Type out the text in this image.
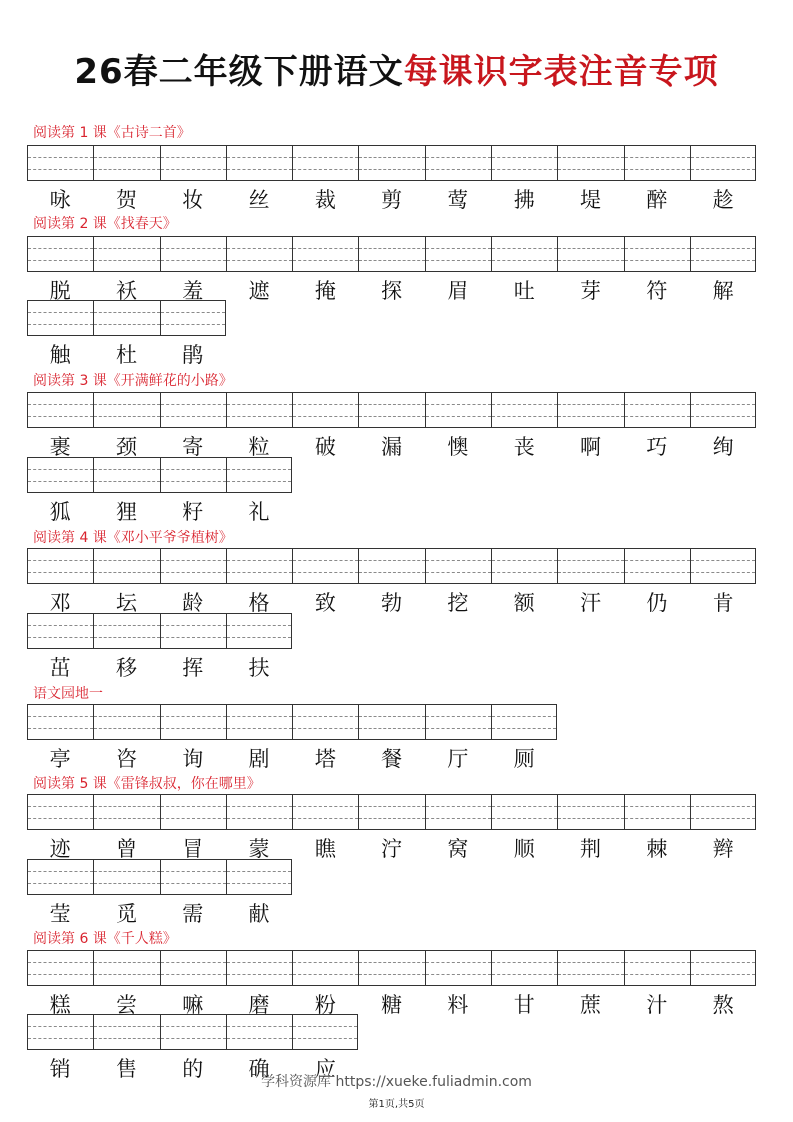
26春二年级下册语文每课识字表注音专项
阅读第 1 课《古诗二首》
咏	贺	妆	丝	裁	剪	莺	拂	堤	醉	趁
阅读第 2 课《找春天》
脱	袄	羞	遮	掩	探	眉	吐	芽	符	解
触	杜	鹃
阅读第 3 课《开满鲜花的小路》
裹	颈	寄	粒	破	漏	懊	丧	啊	巧	绚
狐	狸	籽	礼
阅读第 4 课《邓小平爷爷植树》
邓	坛	龄	格	致	勃	挖	额	汗	仍	肯
茁	移	挥	扶
语文园地一
亭	咨	询	剧	塔	餐	厅	厕
阅读第 5 课《雷锋叔叔，你在哪里》
迹	曾	冒	蒙	瞧	泞	窝	顺	荆	棘	辫
莹	觅	需	献
阅读第 6 课《千人糕》
糕	尝	嘛	磨	粉	糖	料	甘	蔗	汁	熬
销	售	的	确	应
学科资源库 https://xueke.fuliadmin.com
第1页,共5页
